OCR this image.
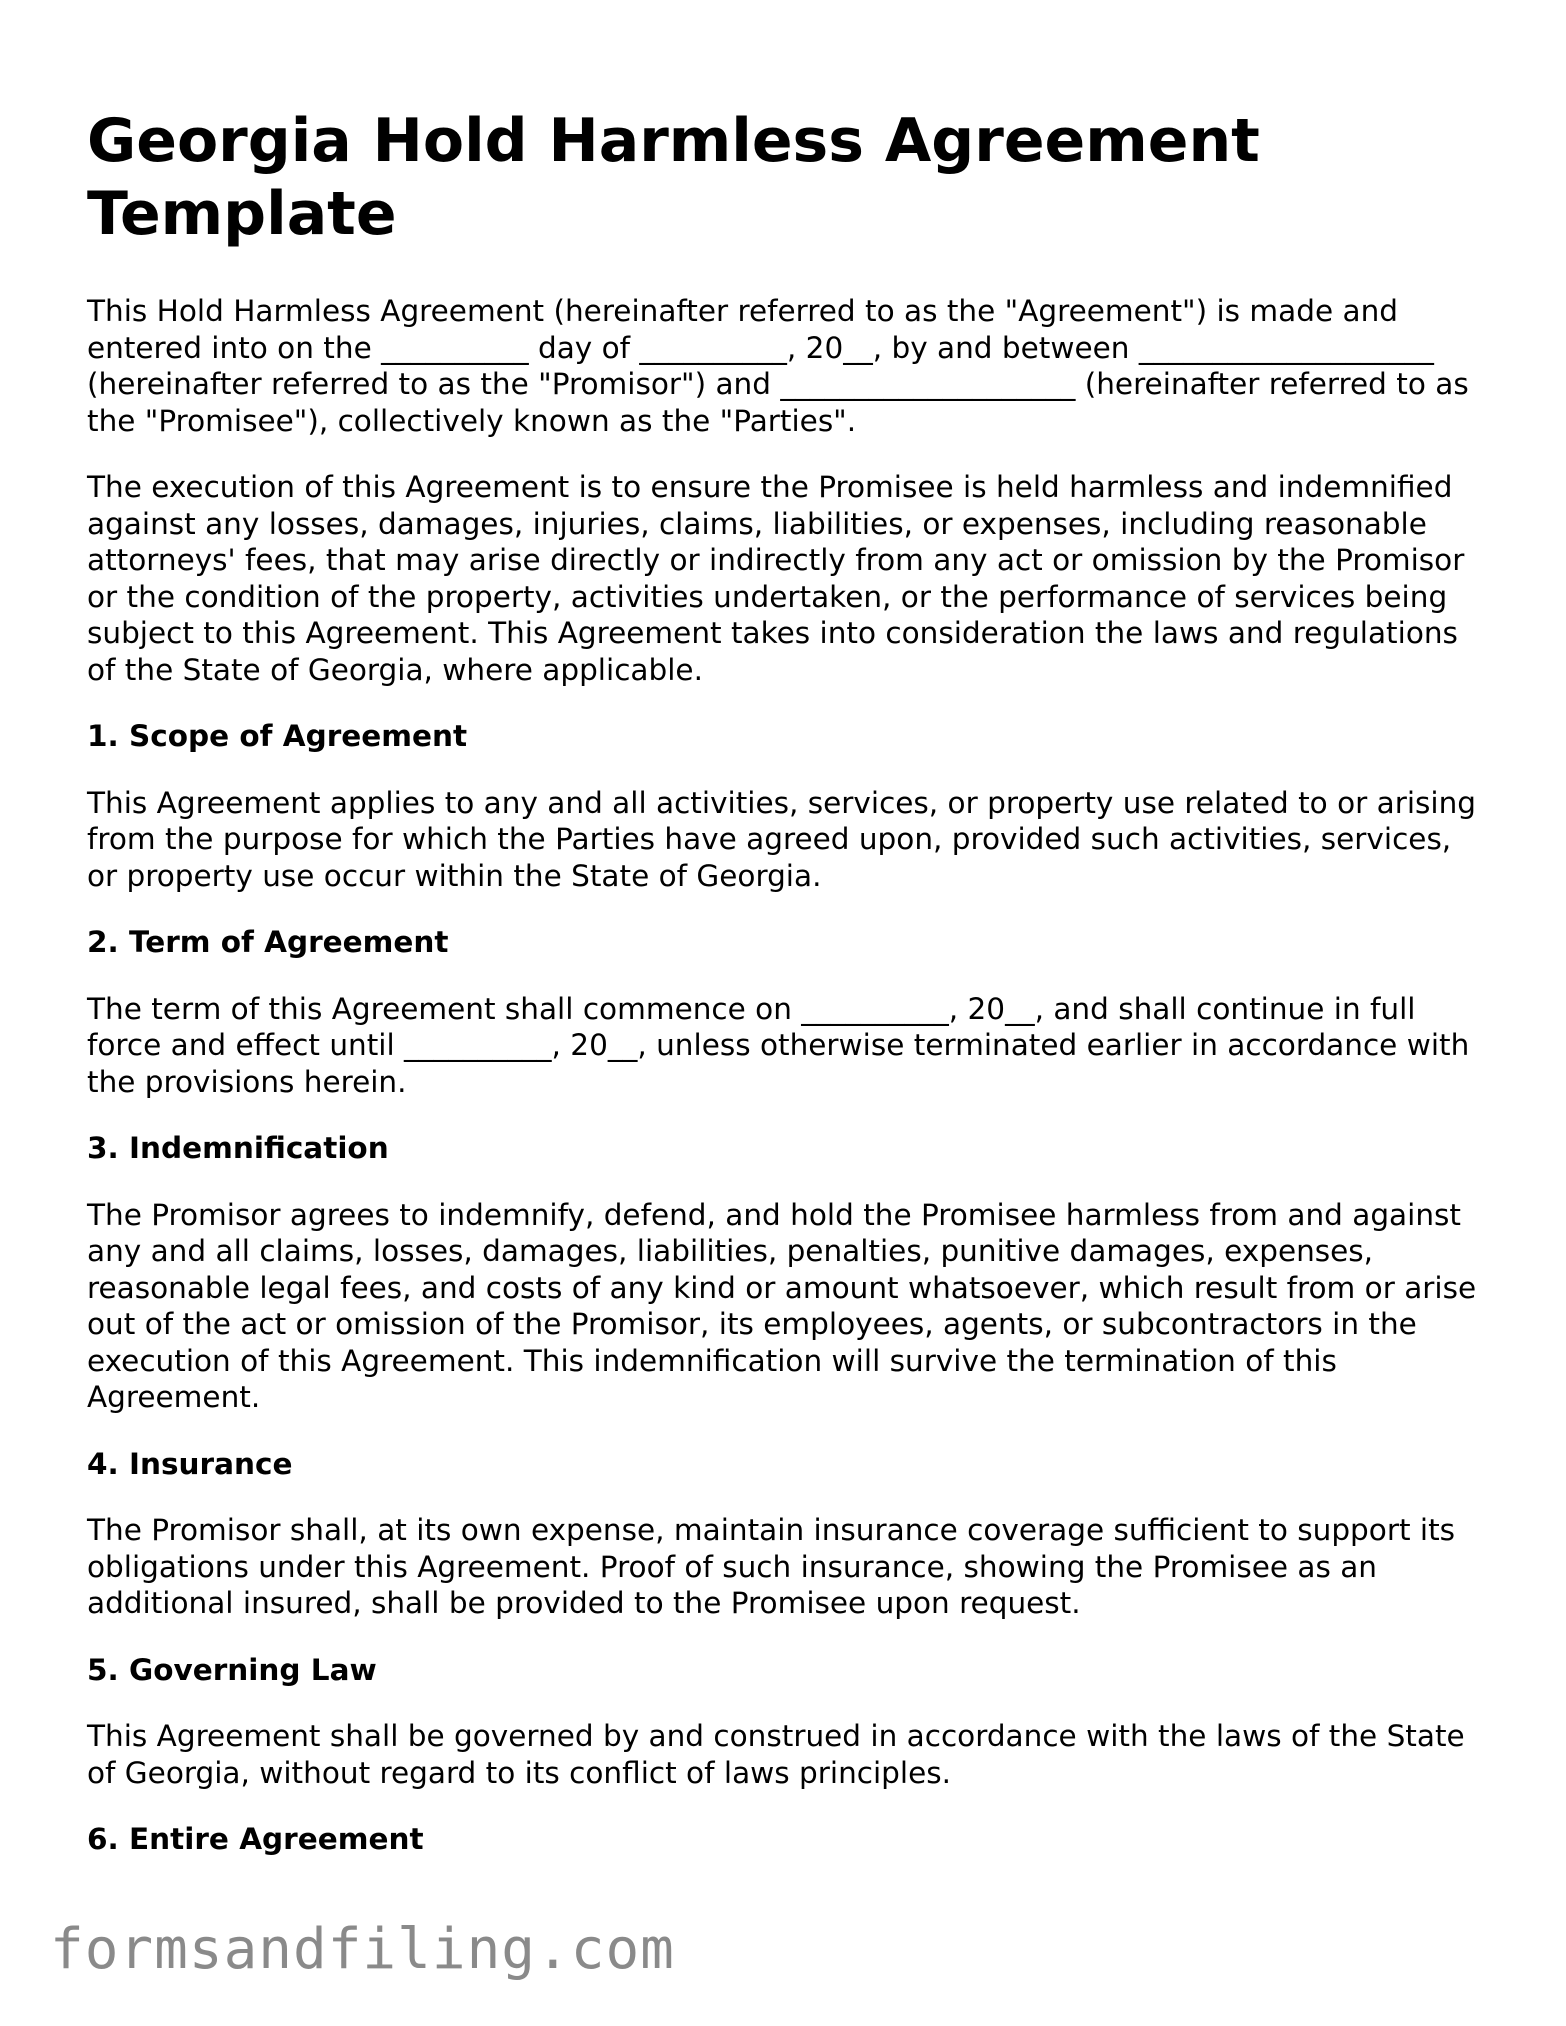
Georgia Hold Harmless Agreement Template

This Hold Harmless Agreement (hereinafter referred to as the "Agreement") is made and entered into on the __________ day of __________, 20__, by and between ____________________ (hereinafter referred to as the "Promisor") and ____________________ (hereinafter referred to as the "Promisee"), collectively known as the "Parties".

The execution of this Agreement is to ensure the Promisee is held harmless and indemnified against any losses, damages, injuries, claims, liabilities, or expenses, including reasonable attorneys' fees, that may arise directly or indirectly from any act or omission by the Promisor or the condition of the property, activities undertaken, or the performance of services being subject to this Agreement. This Agreement takes into consideration the laws and regulations of the State of Georgia, where applicable.

1. Scope of Agreement

This Agreement applies to any and all activities, services, or property use related to or arising from the purpose for which the Parties have agreed upon, provided such activities, services, or property use occur within the State of Georgia.

2. Term of Agreement

The term of this Agreement shall commence on __________, 20__, and shall continue in full force and effect until __________, 20__, unless otherwise terminated earlier in accordance with the provisions herein.

3. Indemnification

The Promisor agrees to indemnify, defend, and hold the Promisee harmless from and against any and all claims, losses, damages, liabilities, penalties, punitive damages, expenses, reasonable legal fees, and costs of any kind or amount whatsoever, which result from or arise out of the act or omission of the Promisor, its employees, agents, or subcontractors in the execution of this Agreement. This indemnification will survive the termination of this Agreement.

4. Insurance

The Promisor shall, at its own expense, maintain insurance coverage sufficient to support its obligations under this Agreement. Proof of such insurance, showing the Promisee as an additional insured, shall be provided to the Promisee upon request.

5. Governing Law

This Agreement shall be governed by and construed in accordance with the laws of the State of Georgia, without regard to its conflict of laws principles.

6. Entire Agreement
formsandfiling.com
